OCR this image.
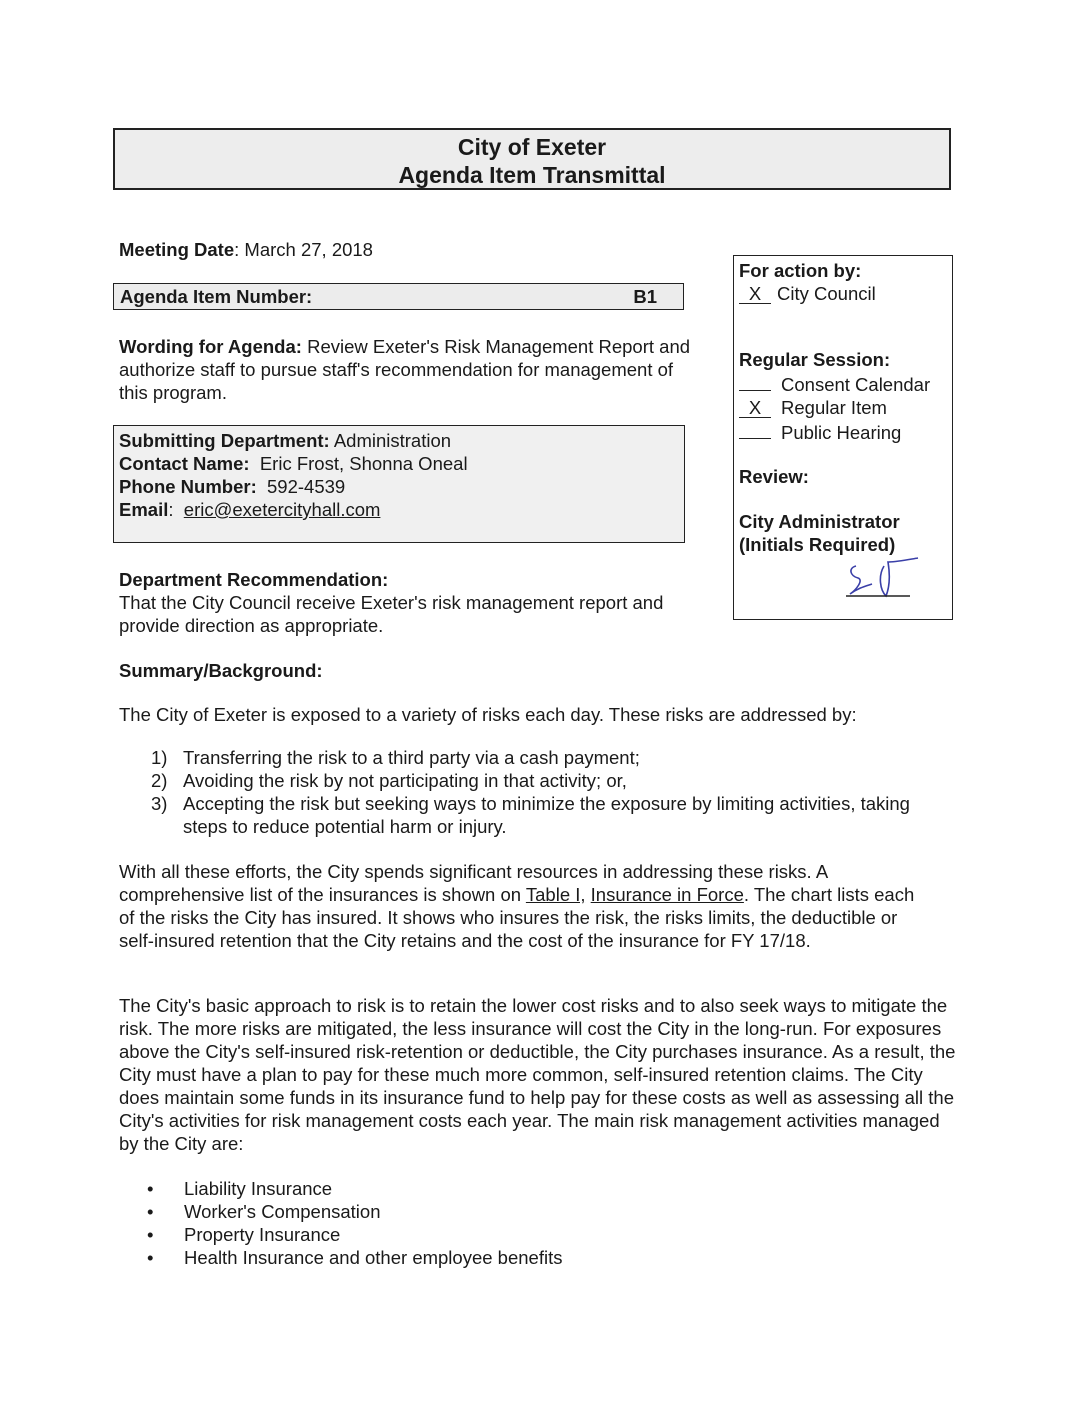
City of Exeter
Agenda Item Transmittal
Meeting Date: March 27, 2018
Agenda Item Number:	B1
Wording for Agenda: Review Exeter's Risk Management Report and authorize staff to pursue staff's recommendation for management of this program.
Submitting Department: Administration
Contact Name: Eric Frost, Shonna Oneal
Phone Number: 592-4539
Email:  eric@exetercityhall.com
For action by:
X City Council
Regular Session:
Consent Calendar
X Regular Item
Public Hearing
Review:
City Administrator
(Initials Required)
Department Recommendation:
That the City Council receive Exeter's risk management report and provide direction as appropriate.
Summary/Background:
The City of Exeter is exposed to a variety of risks each day. These risks are addressed by:
1) Transferring the risk to a third party via a cash payment;
2) Avoiding the risk by not participating in that activity; or,
3) Accepting the risk but seeking ways to minimize the exposure by limiting activities, taking steps to reduce potential harm or injury.
With all these efforts, the City spends significant resources in addressing these risks. A comprehensive list of the insurances is shown on Table I, Insurance in Force. The chart lists each of the risks the City has insured. It shows who insures the risk, the risks limits, the deductible or self-insured retention that the City retains and the cost of the insurance for FY 17/18.
The City's basic approach to risk is to retain the lower cost risks and to also seek ways to mitigate the risk. The more risks are mitigated, the less insurance will cost the City in the long-run. For exposures above the City's self-insured risk-retention or deductible, the City purchases insurance. As a result, the City must have a plan to pay for these much more common, self-insured retention claims. The City does maintain some funds in its insurance fund to help pay for these costs as well as assessing all the City's activities for risk management costs each year. The main risk management activities managed by the City are:
• Liability Insurance
• Worker's Compensation
• Property Insurance
• Health Insurance and other employee benefits
